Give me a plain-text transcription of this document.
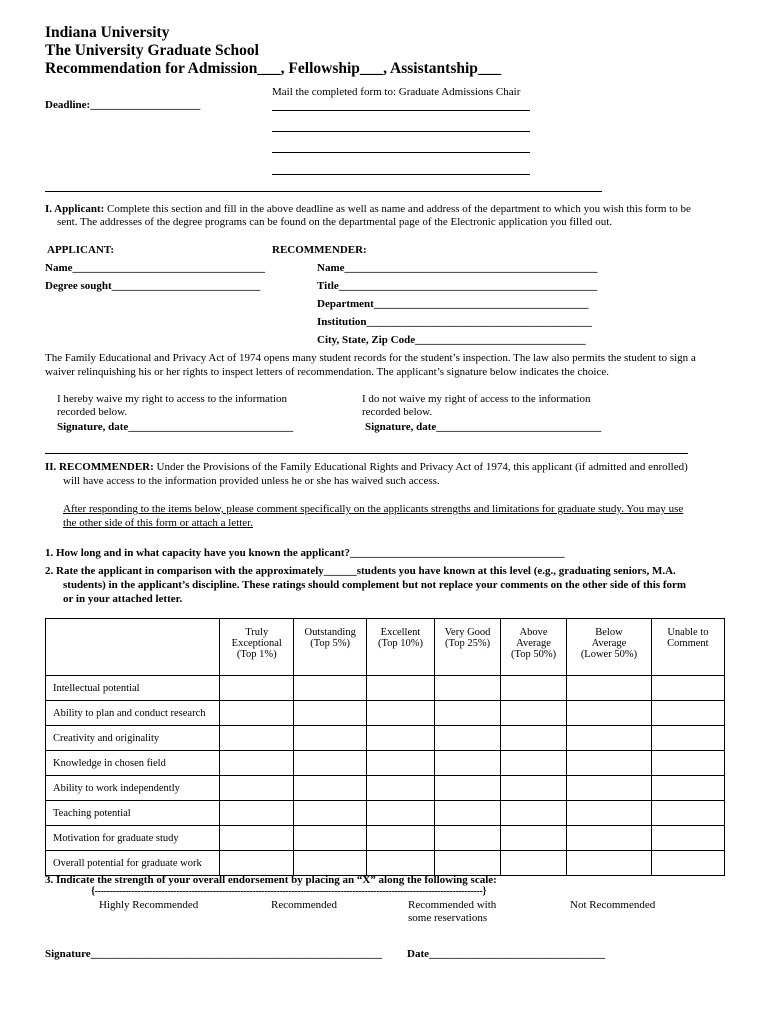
Indiana University
The University Graduate School
Recommendation for Admission___, Fellowship___, Assistantship___
Mail the completed form to: Graduate Admissions Chair
Deadline:____________________
I. Applicant: Complete this section and fill in the above deadline as well as name and address of the department to which you wish this form to be
sent. The addresses of the degree programs can be found on the departmental page of the Electronic application you filled out.
APPLICANT:	RECOMMENDER:
Name___________________________________
Degree sought___________________________
Name______________________________________________
Title_______________________________________________
Department_______________________________________
Institution_________________________________________
City, State, Zip Code_______________________________
The Family Educational and Privacy Act of 1974 opens many student records for the student’s inspection. The law also permits the student to sign a
waiver relinquishing his or her rights to inspect letters of recommendation. The applicant’s signature below indicates the choice.
I hereby waive my right to access to the information
recorded below.
Signature, date______________________________
I do not waive my right of access to the information
recorded below.
Signature, date______________________________
II. RECOMMENDER: Under the Provisions of the Family Educational Rights and Privacy Act of 1974, this applicant (if admitted and enrolled)
will have access to the information provided unless he or she has waived such access.
After responding to the items below, please comment specifically on the applicants strengths and limitations for graduate study. You may use
the other side of this form or attach a letter.
1. How long and in what capacity have you known the applicant?_______________________________________
2. Rate the applicant in comparison with the approximately______students you have known at this level (e.g., graduating seniors, M.A.
students) in the applicant’s discipline. These ratings should complement but not replace your comments on the other side of this form
or in your attached letter.
	Truly
Exceptional
(Top 1%)	Outstanding
(Top 5%)	Excellent
(Top 10%)	Very Good
(Top 25%)	Above
Average
(Top 50%)	Below
Average
(Lower 50%)	Unable to
Comment
Intellectual potential							
Ability to plan and conduct research							
Creativity and originality							
Knowledge in chosen field							
Ability to work independently							
Teaching potential							
Motivation for graduate study							
Overall potential for graduate work							
3. Indicate the strength of your overall endorsement by placing an “X” along the following scale:
{--------------------------------------------------------------------------------------------------------------------------------}
Highly Recommended	Recommended	Recommended with
some reservations
Not Recommended
Signature_____________________________________________________ Date________________________________
